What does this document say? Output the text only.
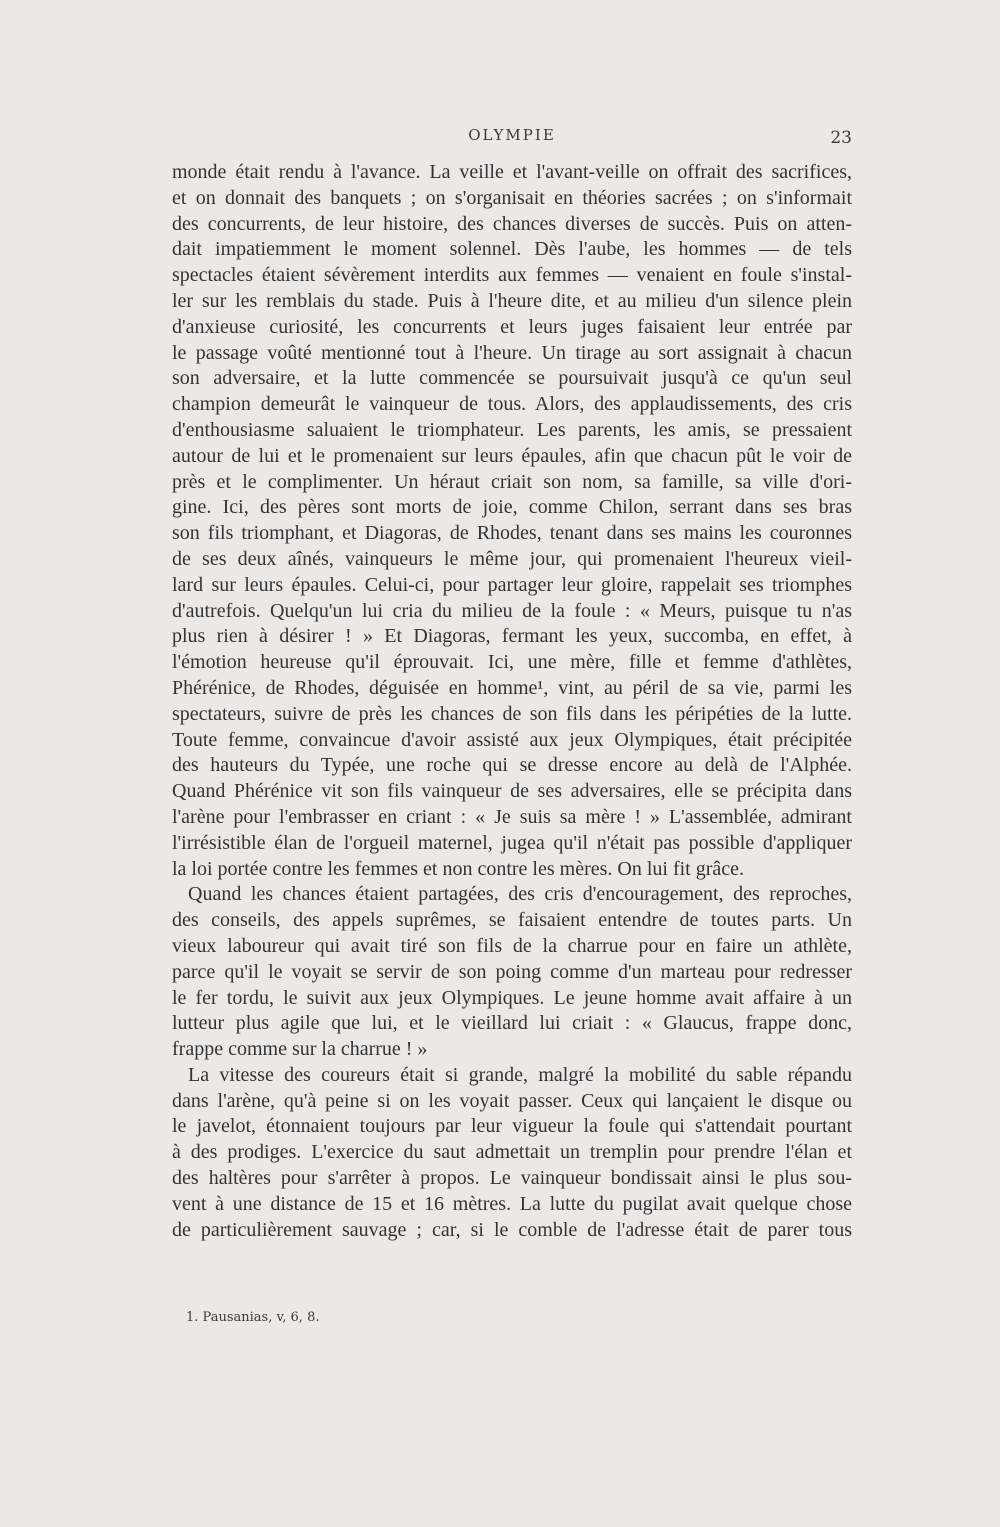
OLYMPIE	23
monde était rendu à l'avance. La veille et l'avant-veille on offrait des sacrifices,
et on donnait des banquets ; on s'organisait en théories sacrées ; on s'informait
des concurrents, de leur histoire, des chances diverses de succès. Puis on atten-
dait impatiemment le moment solennel. Dès l'aube, les hommes — de tels
spectacles étaient sévèrement interdits aux femmes — venaient en foule s'instal-
ler sur les remblais du stade. Puis à l'heure dite, et au milieu d'un silence plein
d'anxieuse curiosité, les concurrents et leurs juges faisaient leur entrée par
le passage voûté mentionné tout à l'heure. Un tirage au sort assignait à chacun
son adversaire, et la lutte commencée se poursuivait jusqu'à ce qu'un seul
champion demeurât le vainqueur de tous. Alors, des applaudissements, des cris
d'enthousiasme saluaient le triomphateur. Les parents, les amis, se pressaient
autour de lui et le promenaient sur leurs épaules, afin que chacun pût le voir de
près et le complimenter. Un héraut criait son nom, sa famille, sa ville d'ori-
gine. Ici, des pères sont morts de joie, comme Chilon, serrant dans ses bras
son fils triomphant, et Diagoras, de Rhodes, tenant dans ses mains les couronnes
de ses deux aînés, vainqueurs le même jour, qui promenaient l'heureux vieil-
lard sur leurs épaules. Celui-ci, pour partager leur gloire, rappelait ses triomphes
d'autrefois. Quelqu'un lui cria du milieu de la foule : « Meurs, puisque tu n'as
plus rien à désirer ! » Et Diagoras, fermant les yeux, succomba, en effet, à
l'émotion heureuse qu'il éprouvait. Ici, une mère, fille et femme d'athlètes,
Phérénice, de Rhodes, déguisée en homme¹, vint, au péril de sa vie, parmi les
spectateurs, suivre de près les chances de son fils dans les péripéties de la lutte.
Toute femme, convaincue d'avoir assisté aux jeux Olympiques, était précipitée
des hauteurs du Typée, une roche qui se dresse encore au delà de l'Alphée.
Quand Phérénice vit son fils vainqueur de ses adversaires, elle se précipita dans
l'arène pour l'embrasser en criant : « Je suis sa mère ! » L'assemblée, admirant
l'irrésistible élan de l'orgueil maternel, jugea qu'il n'était pas possible d'appliquer
la loi portée contre les femmes et non contre les mères. On lui fit grâce.
Quand les chances étaient partagées, des cris d'encouragement, des reproches,
des conseils, des appels suprêmes, se faisaient entendre de toutes parts. Un
vieux laboureur qui avait tiré son fils de la charrue pour en faire un athlète,
parce qu'il le voyait se servir de son poing comme d'un marteau pour redresser
le fer tordu, le suivit aux jeux Olympiques. Le jeune homme avait affaire à un
lutteur plus agile que lui, et le vieillard lui criait : « Glaucus, frappe donc,
frappe comme sur la charrue ! »
La vitesse des coureurs était si grande, malgré la mobilité du sable répandu
dans l'arène, qu'à peine si on les voyait passer. Ceux qui lançaient le disque ou
le javelot, étonnaient toujours par leur vigueur la foule qui s'attendait pourtant
à des prodiges. L'exercice du saut admettait un tremplin pour prendre l'élan et
des haltères pour s'arrêter à propos. Le vainqueur bondissait ainsi le plus sou-
vent à une distance de 15 et 16 mètres. La lutte du pugilat avait quelque chose
de particulièrement sauvage ; car, si le comble de l'adresse était de parer tous
1. Pausanias, v, 6, 8.
